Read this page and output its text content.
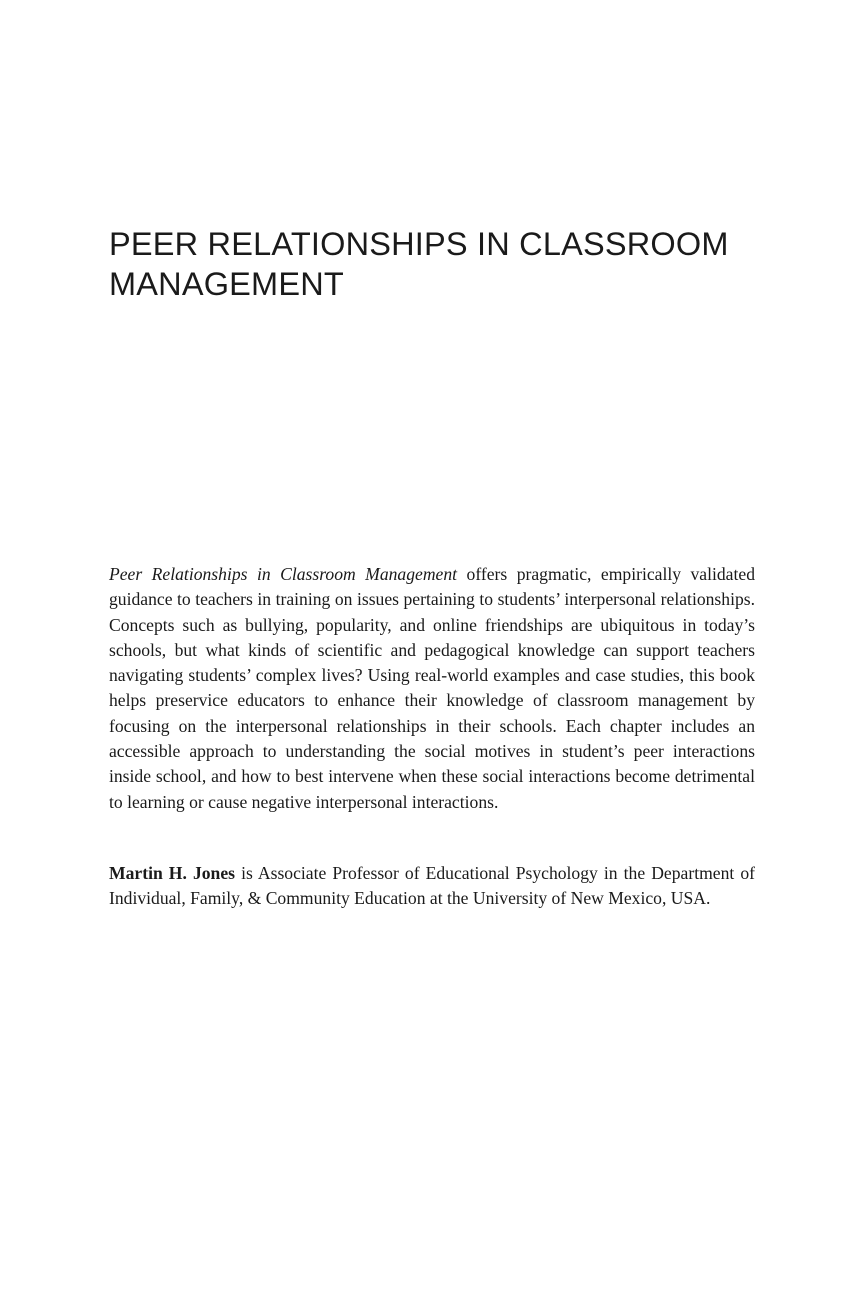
PEER RELATIONSHIPS IN CLASSROOM MANAGEMENT

Peer Relationships in Classroom Management offers pragmatic, empirically validated guidance to teachers in training on issues pertaining to students’ interpersonal relationships. Concepts such as bullying, popularity, and online friendships are ubiquitous in today’s schools, but what kinds of scientific and pedagogical knowledge can support teachers navigating students’ complex lives? Using real-world examples and case studies, this book helps preservice educators to enhance their knowledge of classroom management by focusing on the interpersonal relationships in their schools. Each chapter includes an accessible approach to understanding the social motives in student’s peer interactions inside school, and how to best intervene when these social interactions become detrimental to learning or cause negative interpersonal interactions.

Martin H. Jones is Associate Professor of Educational Psychology in the Department of Individual, Family, & Community Education at the University of New Mexico, USA.
